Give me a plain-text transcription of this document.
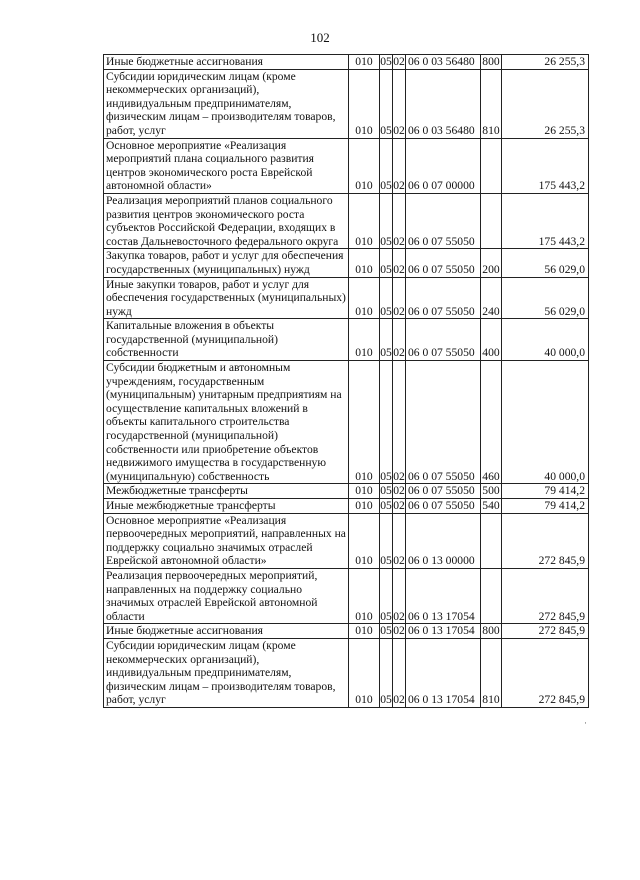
102
Иные бюджетные ассигнования	010	05	02	06 0 03 56480	800	26 255,3
Субсидии юридическим лицам (кроме некоммерческих организаций), индивидуальным предпринимателям, физическим лицам – производителям товаров, работ, услуг	010	05	02	06 0 03 56480	810	26 255,3
Основное мероприятие «Реализация мероприятий плана социального развития центров экономического роста Еврейской автономной области»	010	05	02	06 0 07 00000		175 443,2
Реализация мероприятий планов социального развития центров экономического роста субъектов Российской Федерации, входящих в состав Дальневосточного федерального округа	010	05	02	06 0 07 55050		175 443,2
Закупка товаров, работ и услуг для обеспечения государственных (муниципальных) нужд	010	05	02	06 0 07 55050	200	56 029,0
Иные закупки товаров, работ и услуг для обеспечения государственных (муниципальных) нужд	010	05	02	06 0 07 55050	240	56 029,0
Капитальные вложения в объекты государственной (муниципальной) собственности	010	05	02	06 0 07 55050	400	40 000,0
Субсидии бюджетным и автономным учреждениям, государственным (муниципальным) унитарным предприятиям на осуществление капитальных вложений в объекты капитального строительства государственной (муниципальной) собственности или приобретение объектов недвижимого имущества в государственную (муниципальную) собственность	010	05	02	06 0 07 55050	460	40 000,0
Межбюджетные трансферты	010	05	02	06 0 07 55050	500	79 414,2
Иные межбюджетные трансферты	010	05	02	06 0 07 55050	540	79 414,2
Основное мероприятие «Реализация первоочередных мероприятий, направленных на поддержку социально значимых отраслей Еврейской автономной области»	010	05	02	06 0 13 00000		272 845,9
Реализация первоочередных мероприятий, направленных на поддержку социально значимых отраслей Еврейской автономной области	010	05	02	06 0 13 17054		272 845,9
Иные бюджетные ассигнования	010	05	02	06 0 13 17054	800	272 845,9
Субсидии юридическим лицам (кроме некоммерческих организаций), индивидуальным предпринимателям, физическим лицам – производителям товаров, работ, услуг	010	05	02	06 0 13 17054	810	272 845,9
·
